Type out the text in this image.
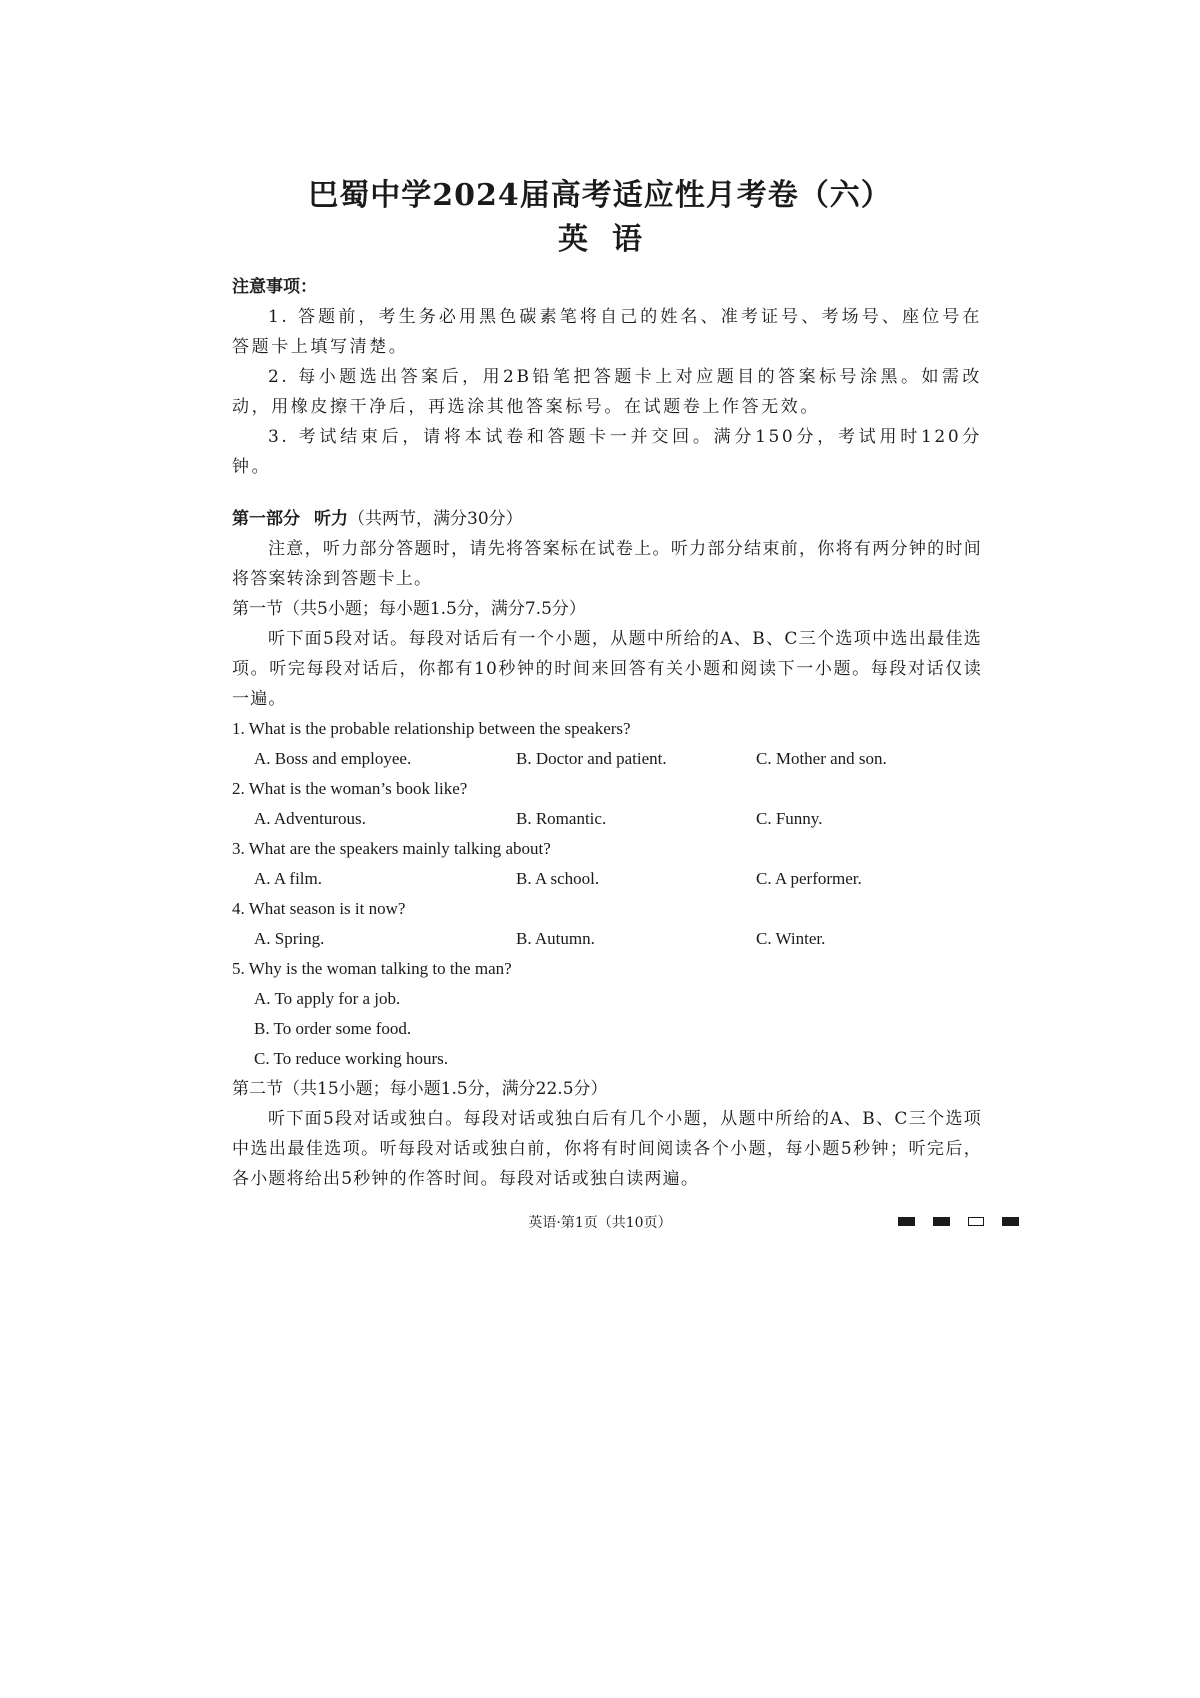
巴蜀中学2024届高考适应性月考卷（六）
英语

注意事项：

1. 答题前，考生务必用黑色碳素笔将自己的姓名、准考证号、考场号、座位号在答题卡上填写清楚。

2. 每小题选出答案后，用2B铅笔把答题卡上对应题目的答案标号涂黑。如需改动，用橡皮擦干净后，再选涂其他答案标号。在试题卷上作答无效。

3. 考试结束后，请将本试卷和答题卡一并交回。满分150分，考试用时120分钟。

第一部分 听力（共两节，满分30分）

注意，听力部分答题时，请先将答案标在试卷上。听力部分结束前，你将有两分钟的时间将答案转涂到答题卡上。

第一节（共5小题；每小题1.5分，满分7.5分）

听下面5段对话。每段对话后有一个小题，从题中所给的A、B、C三个选项中选出最佳选项。听完每段对话后，你都有10秒钟的时间来回答有关小题和阅读下一小题。每段对话仅读一遍。

1. What is the probable relationship between the speakers?

A. Boss and employee.	B. Doctor and patient.	C. Mother and son.

2. What is the woman’s book like?

A. Adventurous.	B. Romantic.	C. Funny.

3. What are the speakers mainly talking about?

A. A film.	B. A school.	C. A performer.

4. What season is it now?

A. Spring.	B. Autumn.	C. Winter.

5. Why is the woman talking to the man?

A. To apply for a job.
B. To order some food.
C. To reduce working hours.

第二节（共15小题；每小题1.5分，满分22.5分）

听下面5段对话或独白。每段对话或独白后有几个小题，从题中所给的A、B、C三个选项中选出最佳选项。听每段对话或独白前，你将有时间阅读各个小题，每小题5秒钟；听完后，各小题将给出5秒钟的作答时间。每段对话或独白读两遍。

英语·第1页（共10页）
